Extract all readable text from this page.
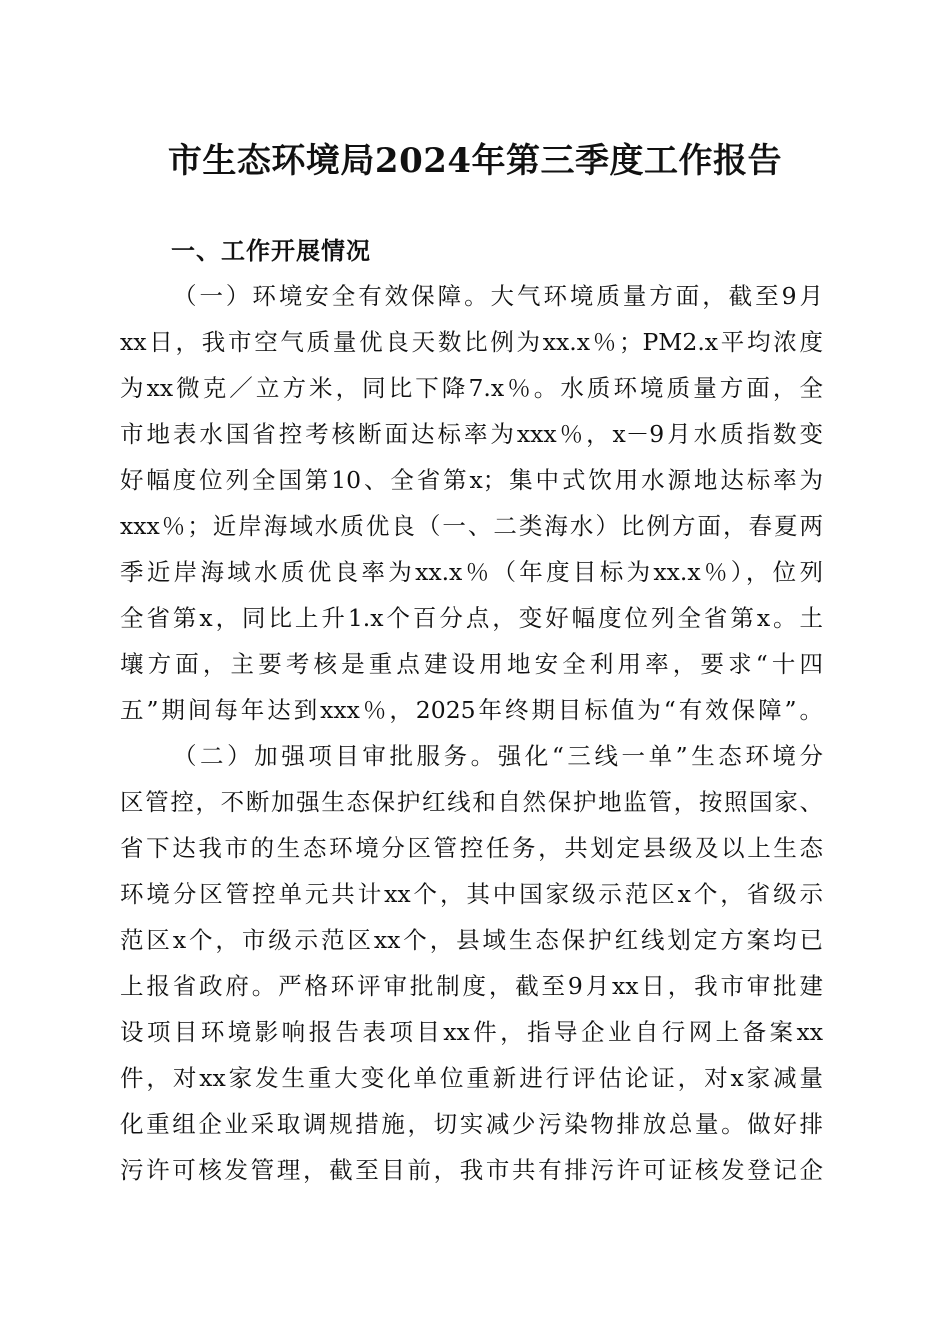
市生态环境局2024年第三季度工作报告
一、工作开展情况

（一）环境安全有效保障。大气环境质量方面，截至9月

xx日，我市空气质量优良天数比例为xx.x％；PM2.x平均浓度

为xx微克／立方米，同比下降7.x％。水质环境质量方面，全

市地表水国省控考核断面达标率为xxx％，x－9月水质指数变

好幅度位列全国第10、全省第x；集中式饮用水源地达标率为

xxx％；近岸海域水质优良（一、二类海水）比例方面，春夏两

季近岸海域水质优良率为xx.x％（年度目标为xx.x％），位列

全省第x，同比上升1.x个百分点，变好幅度位列全省第x。土

壤方面，主要考核是重点建设用地安全利用率，要求“十四

五”期间每年达到xxx％，2025年终期目标值为“有效保障”。

（二）加强项目审批服务。强化“三线一单”生态环境分

区管控，不断加强生态保护红线和自然保护地监管，按照国家、

省下达我市的生态环境分区管控任务，共划定县级及以上生态

环境分区管控单元共计xx个，其中国家级示范区x个，省级示

范区x个，市级示范区xx个，县域生态保护红线划定方案均已

上报省政府。严格环评审批制度，截至9月xx日，我市审批建

设项目环境影响报告表项目xx件，指导企业自行网上备案xx

件，对xx家发生重大变化单位重新进行评估论证，对x家减量

化重组企业采取调规措施，切实减少污染物排放总量。做好排

污许可核发管理，截至目前，我市共有排污许可证核发登记企
